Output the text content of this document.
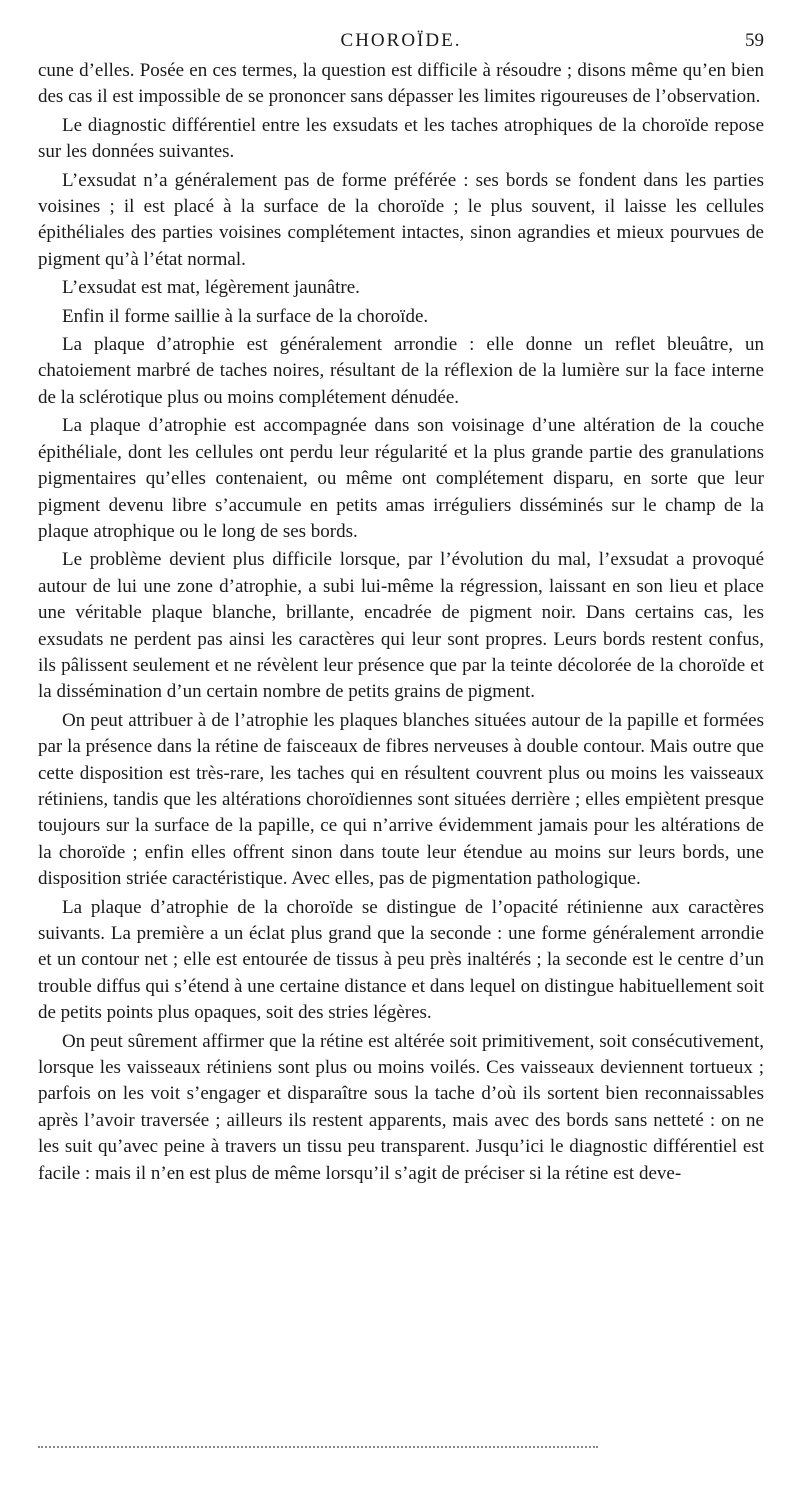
CHOROÏDE.	59

cune d’elles. Posée en ces termes, la question est difficile à résoudre ; disons même qu’en bien des cas il est impossible de se prononcer sans dépasser les limites rigoureuses de l’observation.

Le diagnostic différentiel entre les exsudats et les taches atrophiques de la choroïde repose sur les données suivantes.

L’exsudat n’a généralement pas de forme préférée : ses bords se fondent dans les parties voisines ; il est placé à la surface de la choroïde ; le plus souvent, il laisse les cellules épithéliales des parties voisines complétement intactes, sinon agrandies et mieux pourvues de pigment qu’à l’état normal.

L’exsudat est mat, légèrement jaunâtre.

Enfin il forme saillie à la surface de la choroïde.

La plaque d’atrophie est généralement arrondie : elle donne un reflet bleuâtre, un chatoiement marbré de taches noires, résultant de la réflexion de la lumière sur la face interne de la sclérotique plus ou moins complétement dénudée.

La plaque d’atrophie est accompagnée dans son voisinage d’une altération de la couche épithéliale, dont les cellules ont perdu leur régularité et la plus grande partie des granulations pigmentaires qu’elles contenaient, ou même ont complétement disparu, en sorte que leur pigment devenu libre s’accumule en petits amas irréguliers disséminés sur le champ de la plaque atrophique ou le long de ses bords.

Le problème devient plus difficile lorsque, par l’évolution du mal, l’exsudat a provoqué autour de lui une zone d’atrophie, a subi lui-même la régression, laissant en son lieu et place une véritable plaque blanche, brillante, encadrée de pigment noir. Dans certains cas, les exsudats ne perdent pas ainsi les caractères qui leur sont propres. Leurs bords restent confus, ils pâlissent seulement et ne révèlent leur présence que par la teinte décolorée de la choroïde et la dissémination d’un certain nombre de petits grains de pigment.

On peut attribuer à de l’atrophie les plaques blanches situées autour de la papille et formées par la présence dans la rétine de faisceaux de fibres nerveuses à double contour. Mais outre que cette disposition est très-rare, les taches qui en résultent couvrent plus ou moins les vaisseaux rétiniens, tandis que les altérations choroïdiennes sont situées derrière ; elles empiètent presque toujours sur la surface de la papille, ce qui n’arrive évidemment jamais pour les altérations de la choroïde ; enfin elles offrent sinon dans toute leur étendue au moins sur leurs bords, une disposition striée caractéristique. Avec elles, pas de pigmentation pathologique.

La plaque d’atrophie de la choroïde se distingue de l’opacité rétinienne aux caractères suivants. La première a un éclat plus grand que la seconde : une forme généralement arrondie et un contour net ; elle est entourée de tissus à peu près inaltérés ; la seconde est le centre d’un trouble diffus qui s’étend à une certaine distance et dans lequel on distingue habituellement soit de petits points plus opaques, soit des stries légères.

On peut sûrement affirmer que la rétine est altérée soit primitivement, soit consécutivement, lorsque les vaisseaux rétiniens sont plus ou moins voilés. Ces vaisseaux deviennent tortueux ; parfois on les voit s’engager et disparaître sous la tache d’où ils sortent bien reconnaissables après l’avoir traversée ; ailleurs ils restent apparents, mais avec des bords sans netteté : on ne les suit qu’avec peine à travers un tissu peu transparent. Jusqu’ici le diagnostic différentiel est facile : mais il n’en est plus de même lorsqu’il s’agit de préciser si la rétine est deve-
